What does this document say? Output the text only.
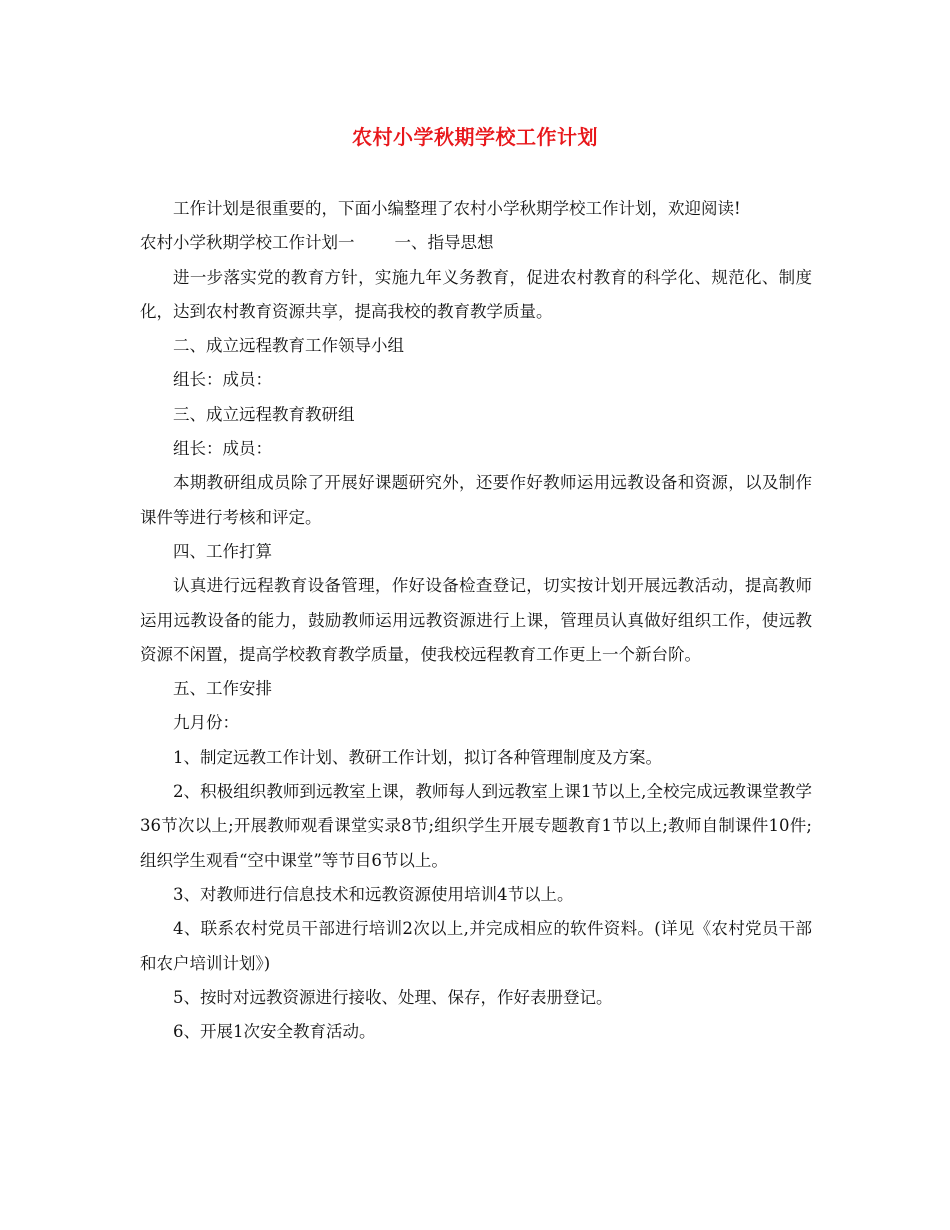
农村小学秋期学校工作计划

工作计划是很重要的，下面小编整理了农村小学秋期学校工作计划，欢迎阅读!

农村小学秋期学校工作计划一 一、指导思想

进一步落实党的教育方针，实施九年义务教育，促进农村教育的科学化、规范化、制度化，达到农村教育资源共享，提高我校的教育教学质量。

二、成立远程教育工作领导小组

组长：成员：

三、成立远程教育教研组

组长：成员：

本期教研组成员除了开展好课题研究外，还要作好教师运用远教设备和资源，以及制作课件等进行考核和评定。

四、工作打算

认真进行远程教育设备管理，作好设备检查登记，切实按计划开展远教活动，提高教师运用远教设备的能力，鼓励教师运用远教资源进行上课，管理员认真做好组织工作，使远教资源不闲置，提高学校教育教学质量，使我校远程教育工作更上一个新台阶。

五、工作安排

九月份：

1、制定远教工作计划、教研工作计划，拟订各种管理制度及方案。

2、积极组织教师到远教室上课，教师每人到远教室上课1节以上,全校完成远教课堂教学36节次以上;开展教师观看课堂实录8节;组织学生开展专题教育1节以上;教师自制课件10件;组织学生观看“空中课堂”等节目6节以上。

3、对教师进行信息技术和远教资源使用培训4节以上。

4、联系农村党员干部进行培训2次以上,并完成相应的软件资料。(详见《农村党员干部和农户培训计划》)

5、按时对远教资源进行接收、处理、保存，作好表册登记。

6、开展1次安全教育活动。
